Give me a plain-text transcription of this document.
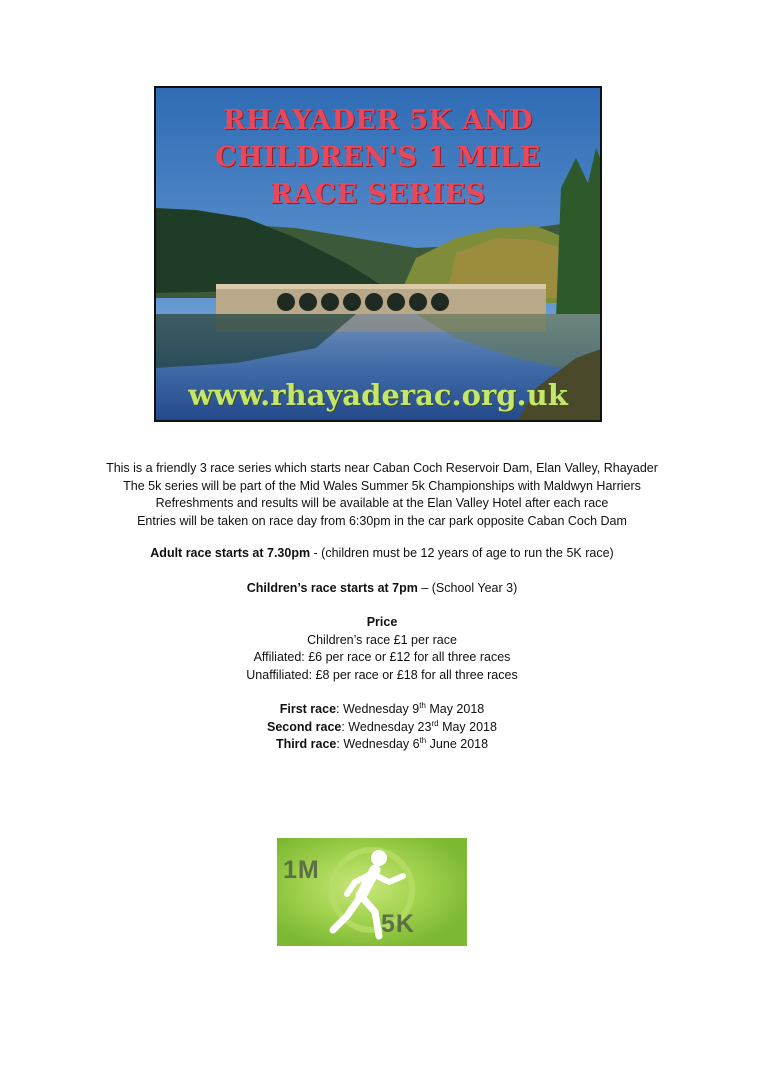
RHAYADER 5K AND
CHILDREN'S 1 MILE
RACE SERIES
www.rhayaderac.org.uk
This is a friendly 3 race series which starts near Caban Coch Reservoir Dam, Elan Valley, Rhayader
The 5k series will be part of the Mid Wales Summer 5k Championships with Maldwyn Harriers
Refreshments and results will be available at the Elan Valley Hotel after each race
Entries will be taken on race day from 6:30pm in the car park opposite Caban Coch Dam
Adult race starts at 7.30pm - (children must be 12 years of age to run the 5K race)
Children’s race starts at 7pm – (School Year 3)
Price
Children’s race £1 per race
Affiliated: £6 per race or £12 for all three races
Unaffiliated: £8 per race or £18 for all three races
First race: Wednesday 9th May 2018
Second race: Wednesday 23rd May 2018
Third race: Wednesday 6th June 2018
1M
5K
